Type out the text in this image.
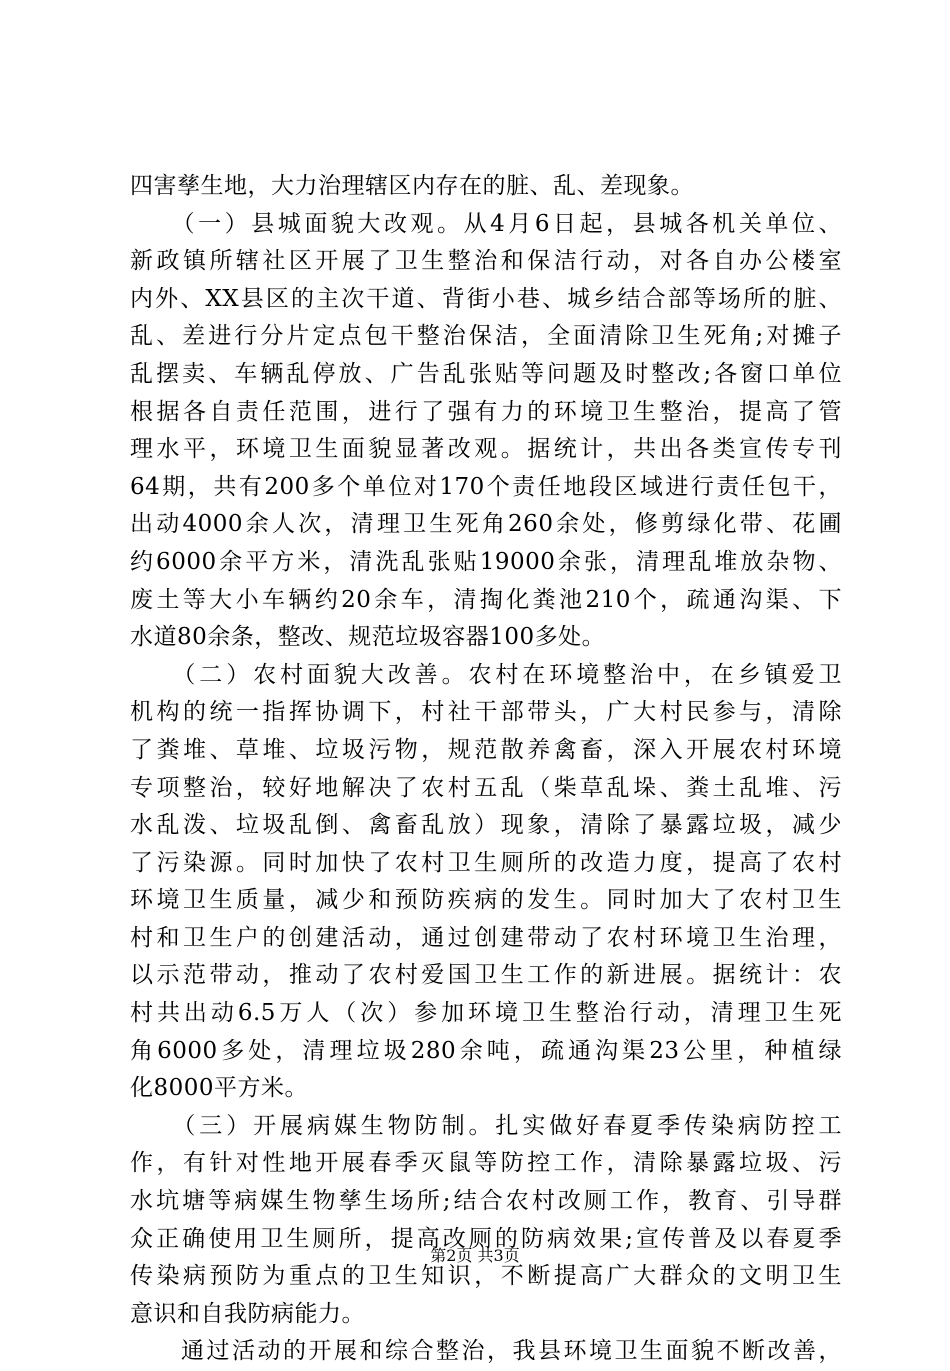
四害孳生地，大力治理辖区内存在的脏、乱、差现象。
　　（一）县城面貌大改观。从4月6日起，县城各机关单位、
新政镇所辖社区开展了卫生整治和保洁行动，对各自办公楼室
内外、XX县区的主次干道、背街小巷、城乡结合部等场所的脏、
乱、差进行分片定点包干整治保洁，全面清除卫生死角;对摊子
乱摆卖、车辆乱停放、广告乱张贴等问题及时整改;各窗口单位
根据各自责任范围，进行了强有力的环境卫生整治，提高了管
理水平，环境卫生面貌显著改观。据统计，共出各类宣传专刊
64期，共有200多个单位对170个责任地段区域进行责任包干，
出动4000余人次，清理卫生死角260余处，修剪绿化带、花圃
约6000余平方米，清洗乱张贴19000余张，清理乱堆放杂物、
废土等大小车辆约20余车，清掏化粪池210个，疏通沟渠、下
水道80余条，整改、规范垃圾容器100多处。
　　（二）农村面貌大改善。农村在环境整治中，在乡镇爱卫
机构的统一指挥协调下，村社干部带头，广大村民参与，清除
了粪堆、草堆、垃圾污物，规范散养禽畜，深入开展农村环境
专项整治，较好地解决了农村五乱（柴草乱垛、粪土乱堆、污
水乱泼、垃圾乱倒、禽畜乱放）现象，清除了暴露垃圾，减少
了污染源。同时加快了农村卫生厕所的改造力度，提高了农村
环境卫生质量，减少和预防疾病的发生。同时加大了农村卫生
村和卫生户的创建活动，通过创建带动了农村环境卫生治理，
以示范带动，推动了农村爱国卫生工作的新进展。据统计：农
村共出动6.5万人（次）参加环境卫生整治行动，清理卫生死
角6000多处，清理垃圾280余吨，疏通沟渠23公里，种植绿
化8000平方米。
　　（三）开展病媒生物防制。扎实做好春夏季传染病防控工
作，有针对性地开展春季灭鼠等防控工作，清除暴露垃圾、污
水坑塘等病媒生物孳生场所;结合农村改厕工作，教育、引导群
众正确使用卫生厕所，提高改厕的防病效果;宣传普及以春夏季
传染病预防为重点的卫生知识，不断提高广大群众的文明卫生
意识和自我防病能力。
　　通过活动的开展和综合整治，我县环境卫生面貌不断改善，
第2页 共3页
